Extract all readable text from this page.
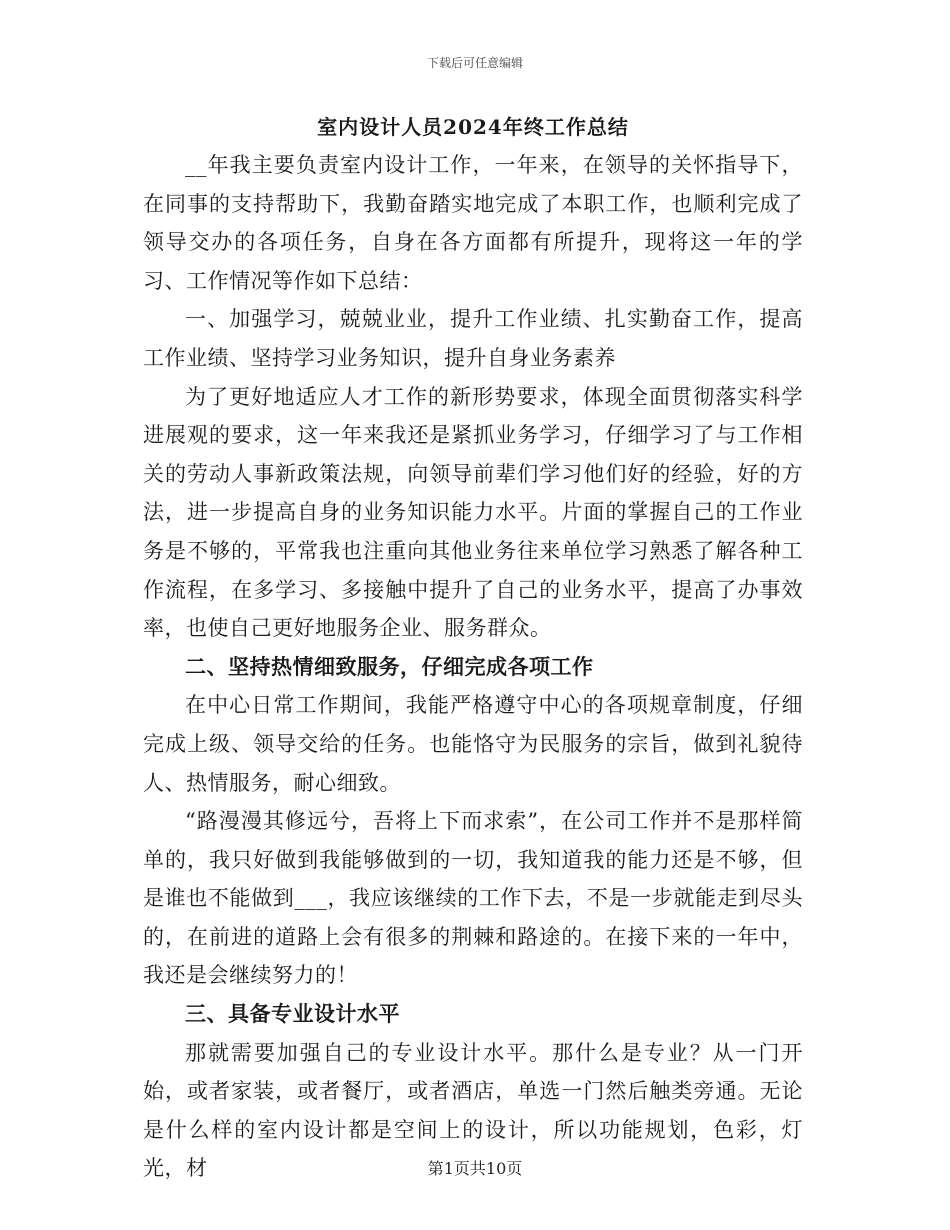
下载后可任意编辑
室内设计人员2024年终工作总结

__年我主要负责室内设计工作，一年来，在领导的关怀指导下，在同事的支持帮助下，我勤奋踏实地完成了本职工作，也顺利完成了领导交办的各项任务，自身在各方面都有所提升，现将这一年的学习、工作情况等作如下总结：

一、加强学习，兢兢业业，提升工作业绩、扎实勤奋工作，提高工作业绩、坚持学习业务知识，提升自身业务素养

为了更好地适应人才工作的新形势要求，体现全面贯彻落实科学进展观的要求，这一年来我还是紧抓业务学习，仔细学习了与工作相关的劳动人事新政策法规，向领导前辈们学习他们好的经验，好的方法，进一步提高自身的业务知识能力水平。片面的掌握自己的工作业务是不够的，平常我也注重向其他业务往来单位学习熟悉了解各种工作流程，在多学习、多接触中提升了自己的业务水平，提高了办事效率，也使自己更好地服务企业、服务群众。

二、坚持热情细致服务，仔细完成各项工作

在中心日常工作期间，我能严格遵守中心的各项规章制度，仔细完成上级、领导交给的任务。也能恪守为民服务的宗旨，做到礼貌待人、热情服务，耐心细致。

“路漫漫其修远兮，吾将上下而求索”，在公司工作并不是那样简单的，我只好做到我能够做到的一切，我知道我的能力还是不够，但是谁也不能做到___，我应该继续的工作下去，不是一步就能走到尽头的，在前进的道路上会有很多的荆棘和路途的。在接下来的一年中，我还是会继续努力的！

三、具备专业设计水平

那就需要加强自己的专业设计水平。那什么是专业？从一门开始，或者家装，或者餐厅，或者酒店，单选一门然后触类旁通。无论是什么样的室内设计都是空间上的设计，所以功能规划，色彩，灯光，材	第1页共10页
